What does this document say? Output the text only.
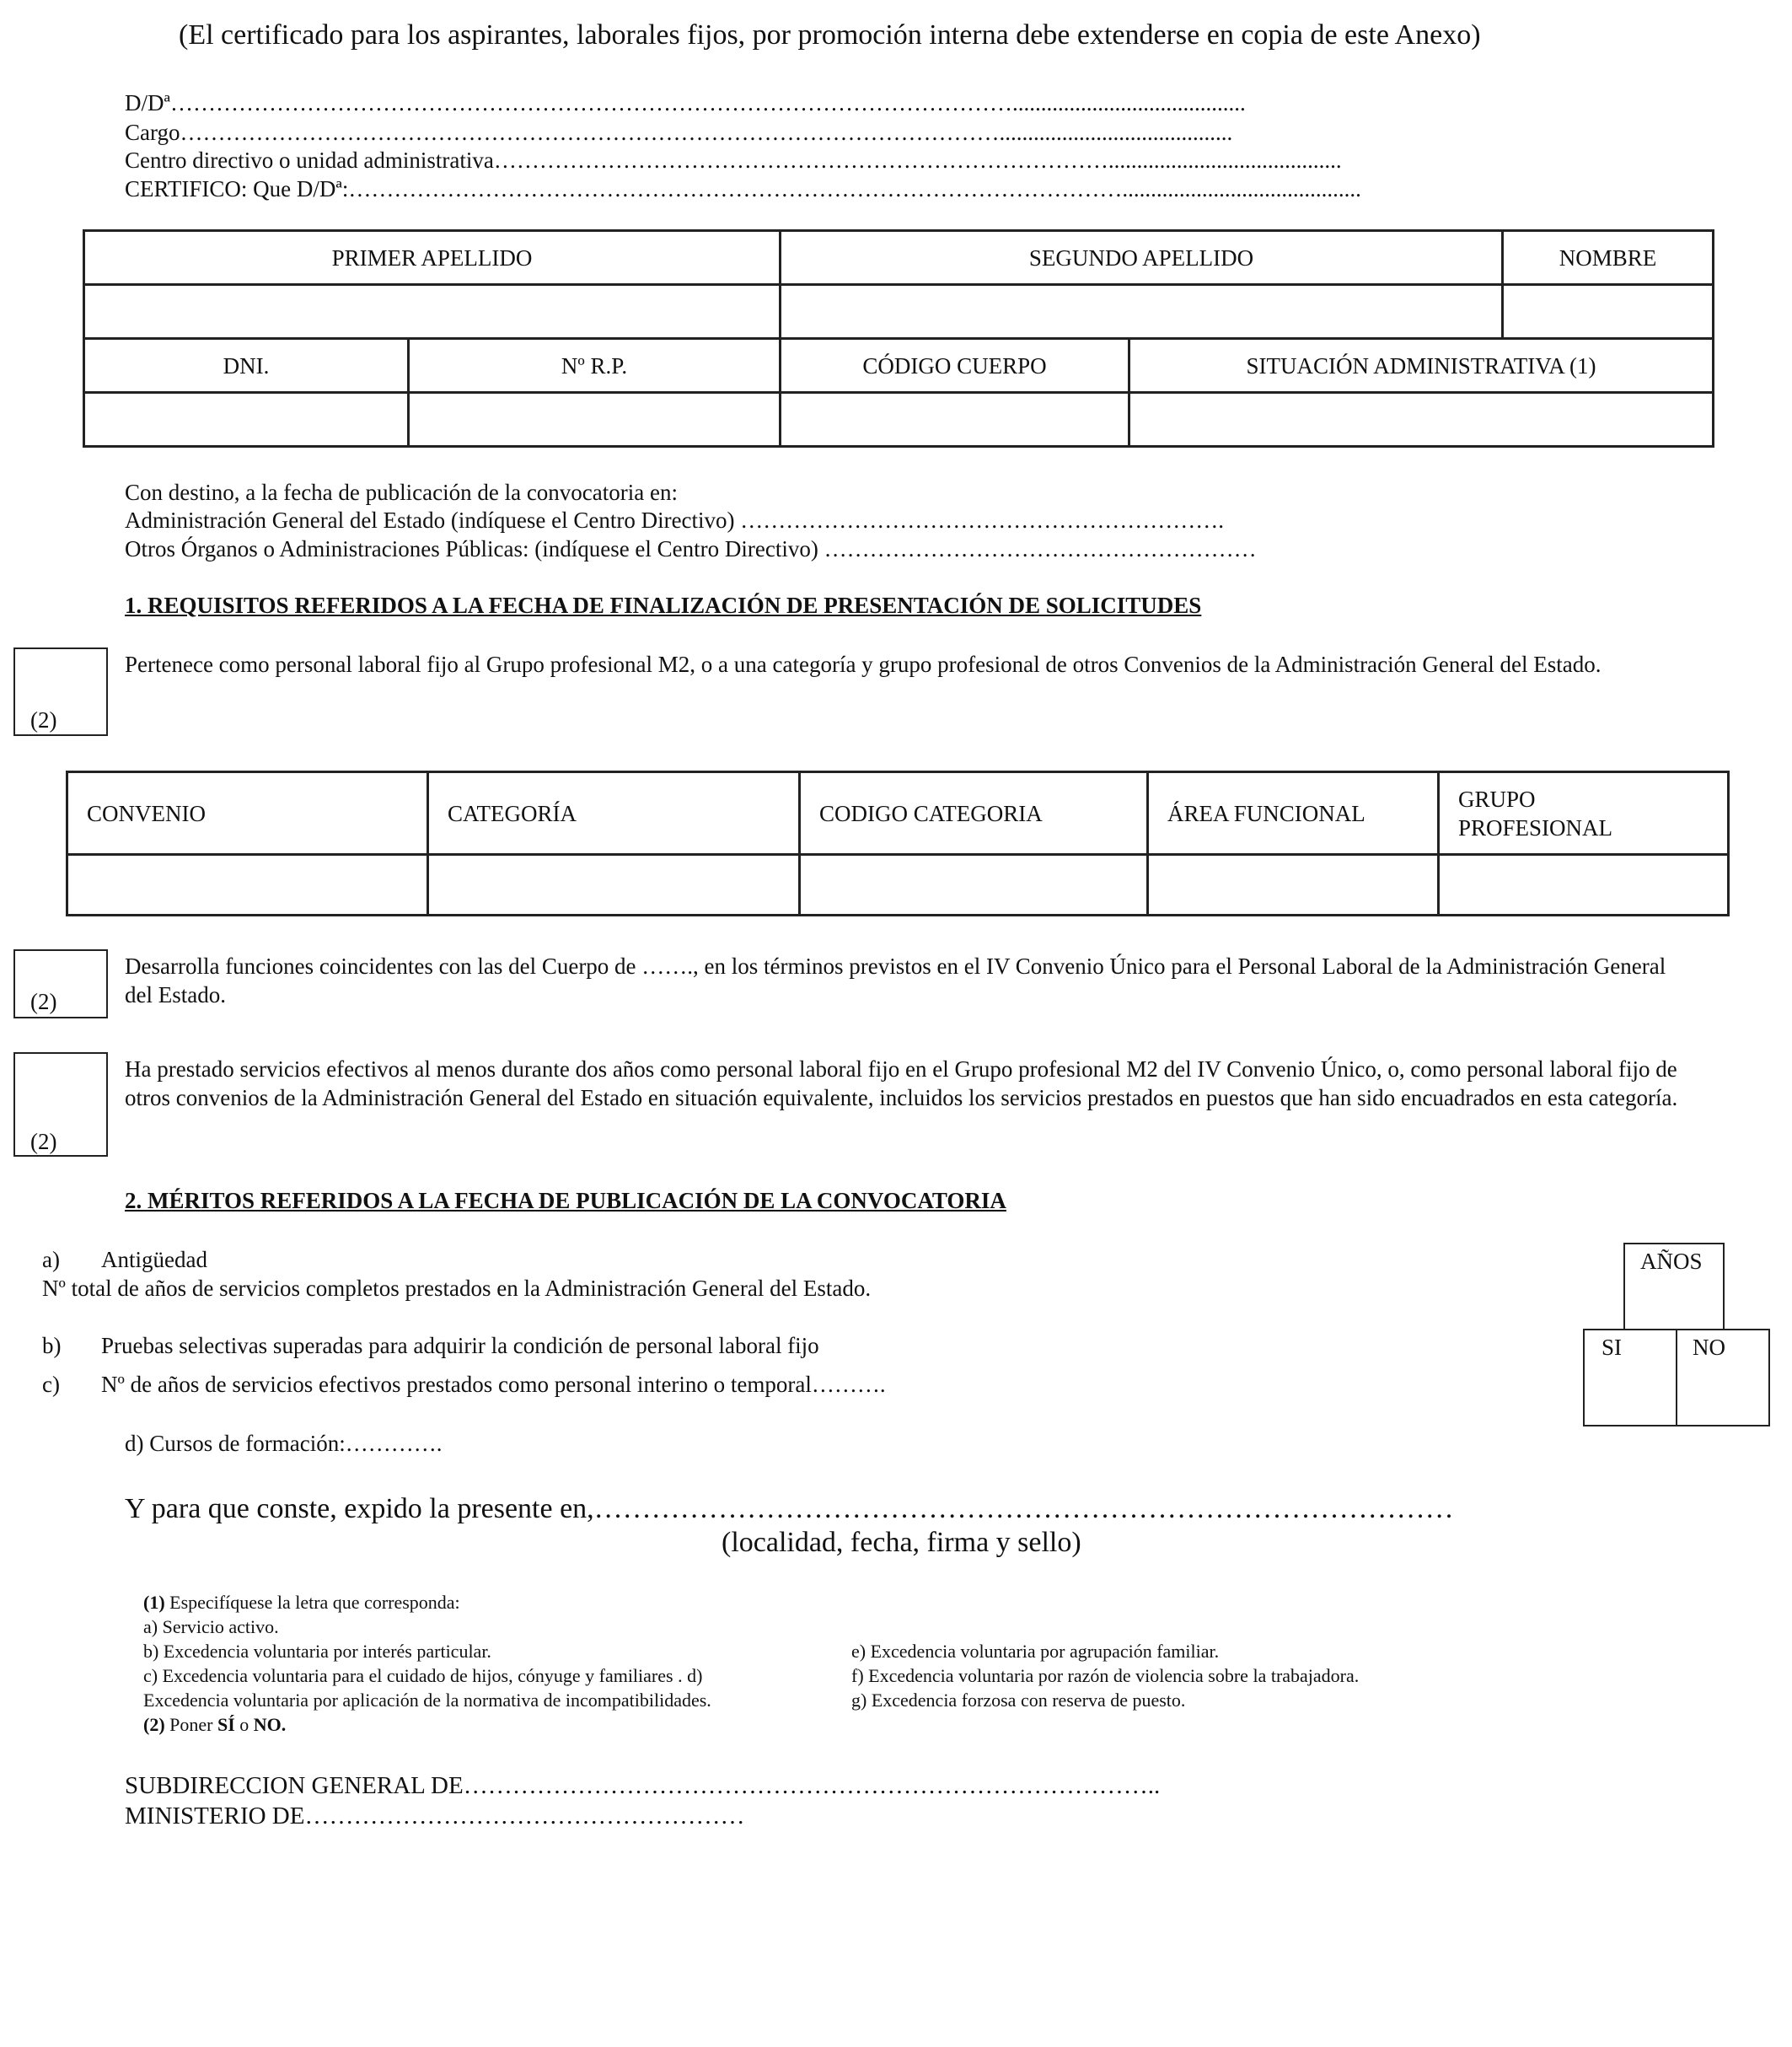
(El certificado para los aspirantes, laborales fijos, por promoción interna debe extenderse en copia de este Anexo)
D/Dª………………………………………………………………………………………………….........................................
Cargo……………………………………………………………………………………………….........................................
Centro directivo o unidad administrativa……………………………………………………………………….........................................
CERTIFICO: Que D/Dª:…………………………………………………………………………………………..........................................
PRIMER APELLIDO		SEGUNDO APELLIDO		NOMBRE

DNI.	Nº R.P.	CÓDIGO CUERPO	SITUACIÓN ADMINISTRATIVA (1)	

Con destino, a la fecha de publicación de la convocatoria en:
Administración General del Estado (indíquese el Centro Directivo) ……………………………………………………….
Otros Órganos o Administraciones Públicas: (indíquese el Centro Directivo) …………………………………………………
1. REQUISITOS REFERIDOS A LA FECHA DE FINALIZACIÓN DE PRESENTACIÓN DE SOLICITUDES
(2)
Pertenece como personal laboral fijo al Grupo profesional M2, o a una categoría y grupo profesional de otros Convenios de la Administración General del Estado.
CONVENIO	CATEGORÍA	CODIGO CATEGORIA	ÁREA FUNCIONAL	GRUPO PROFESIONAL

(2)
Desarrolla funciones coincidentes con las del Cuerpo de ……., en los términos previstos en el IV Convenio Único para el Personal Laboral de la Administración General
del Estado.
(2)
Ha prestado servicios efectivos al menos durante dos años como personal laboral fijo en el Grupo profesional M2 del IV Convenio Único, o, como personal laboral fijo de
otros convenios de la Administración General del Estado en situación equivalente, incluidos los servicios prestados en puestos que han sido encuadrados en esta categoría.
2. MÉRITOS REFERIDOS A LA FECHA DE PUBLICACIÓN DE LA CONVOCATORIA
a) Antigüedad
Nº total de años de servicios completos prestados en la Administración General del Estado.
b) Pruebas selectivas superadas para adquirir la condición de personal laboral fijo
c) Nº de años de servicios efectivos prestados como personal interino o temporal……….
d) Cursos de formación:………….
AÑOS
SI	NO
Y para que conste, expido la presente en,………………………………………………………………………………
(localidad, fecha, firma y sello)
(1) Especifíquese la letra que corresponda:
a) Servicio activo.
b) Excedencia voluntaria por interés particular.
c) Excedencia voluntaria para el cuidado de hijos, cónyuge y familiares . d)
Excedencia voluntaria por aplicación de la normativa de incompatibilidades.
e) Excedencia voluntaria por agrupación familiar.
f) Excedencia voluntaria por razón de violencia sobre la trabajadora.
g) Excedencia forzosa con reserva de puesto.
(2) Poner SÍ o NO.
SUBDIRECCION GENERAL DE…………………………………………………………………………..
MINISTERIO DE………………………………………………
